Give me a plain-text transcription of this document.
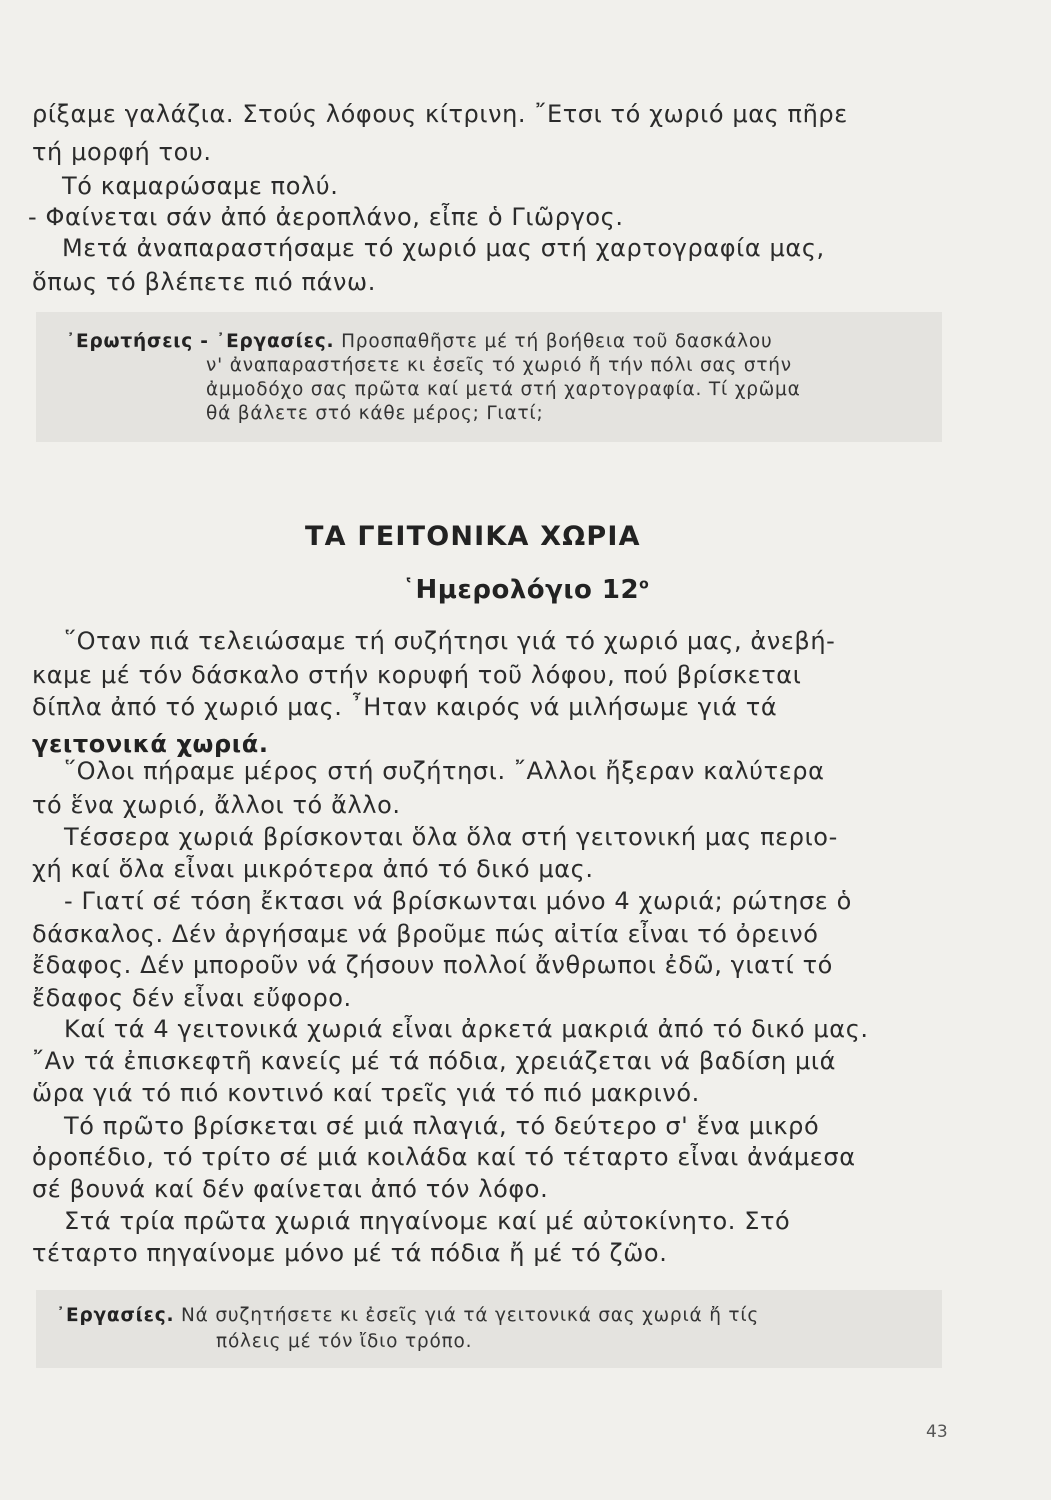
ρίξαμε γαλάζια. Στούς λόφους κίτρινη. ῎Ετσι τό χωριό μας πῆρε
τή μορφή του.
Τό καμαρώσαμε πολύ.
- Φαίνεται σάν ἀπό ἀεροπλάνο, εἶπε ὁ Γιῶργος.
Μετά ἀναπαραστήσαμε τό χωριό μας στή χαρτογραφία μας,
ὅπως τό βλέπετε πιό πάνω.
᾿Ερωτήσεις - ᾿Εργασίες. Προσπαθῆστε μέ τή βοήθεια τοῦ δασκάλου
ν' ἀναπαραστήσετε κι ἐσεῖς τό χωριό ἤ τήν πόλι σας στήν
ἀμμοδόχο σας πρῶτα καί μετά στή χαρτογραφία. Τί χρῶμα
θά βάλετε στό κάθε μέρος; Γιατί;
ΤΑ ΓΕΙΤΟΝΙΚΑ ΧΩΡΙΑ
῾Ημερολόγιο $12^o$
῞Οταν πιά τελειώσαμε τή συζήτησι γιά τό χωριό μας, ἀνεβή-
καμε μέ τόν δάσκαλο στήν κορυφή τοῦ λόφου, πού βρίσκεται
δίπλα ἀπό τό χωριό μας. ῏Ηταν καιρός νά μιλήσωμε γιά τά
γειτονικά χωριά.
῞Ολοι πήραμε μέρος στή συζήτησι. ῎Αλλοι ἤξεραν καλύτερα
τό ἕνα χωριό, ἄλλοι τό ἄλλο.
Τέσσερα χωριά βρίσκονται ὅλα ὅλα στή γειτονική μας περιο-
χή καί ὅλα εἶναι μικρότερα ἀπό τό δικό μας.
- Γιατί σέ τόση ἔκτασι νά βρίσκωνται μόνο 4 χωριά; ρώτησε ὁ
δάσκαλος. Δέν ἀργήσαμε νά βροῦμε πώς αἰτία εἶναι τό ὀρεινό
ἔδαφος. Δέν μποροῦν νά ζήσουν πολλοί ἄνθρωποι ἐδῶ, γιατί τό
ἔδαφος δέν εἶναι εὔφορο.
Καί τά 4 γειτονικά χωριά εἶναι ἀρκετά μακριά ἀπό τό δικό μας.
῎Αν τά ἐπισκεφτῆ κανείς μέ τά πόδια, χρειάζεται νά βαδίση μιά
ὥρα γιά τό πιό κοντινό καί τρεῖς γιά τό πιό μακρινό.
Τό πρῶτο βρίσκεται σέ μιά πλαγιά, τό δεύτερο σ' ἕνα μικρό
ὀροπέδιο, τό τρίτο σέ μιά κοιλάδα καί τό τέταρτο εἶναι ἀνάμεσα
σέ βουνά καί δέν φαίνεται ἀπό τόν λόφο.
Στά τρία πρῶτα χωριά πηγαίνομε καί μέ αὐτοκίνητο. Στό
τέταρτο πηγαίνομε μόνο μέ τά πόδια ἤ μέ τό ζῶο.
᾿Εργασίες. Νά συζητήσετε κι ἐσεῖς γιά τά γειτονικά σας χωριά ἤ τίς
πόλεις μέ τόν ἴδιο τρόπο.
43
